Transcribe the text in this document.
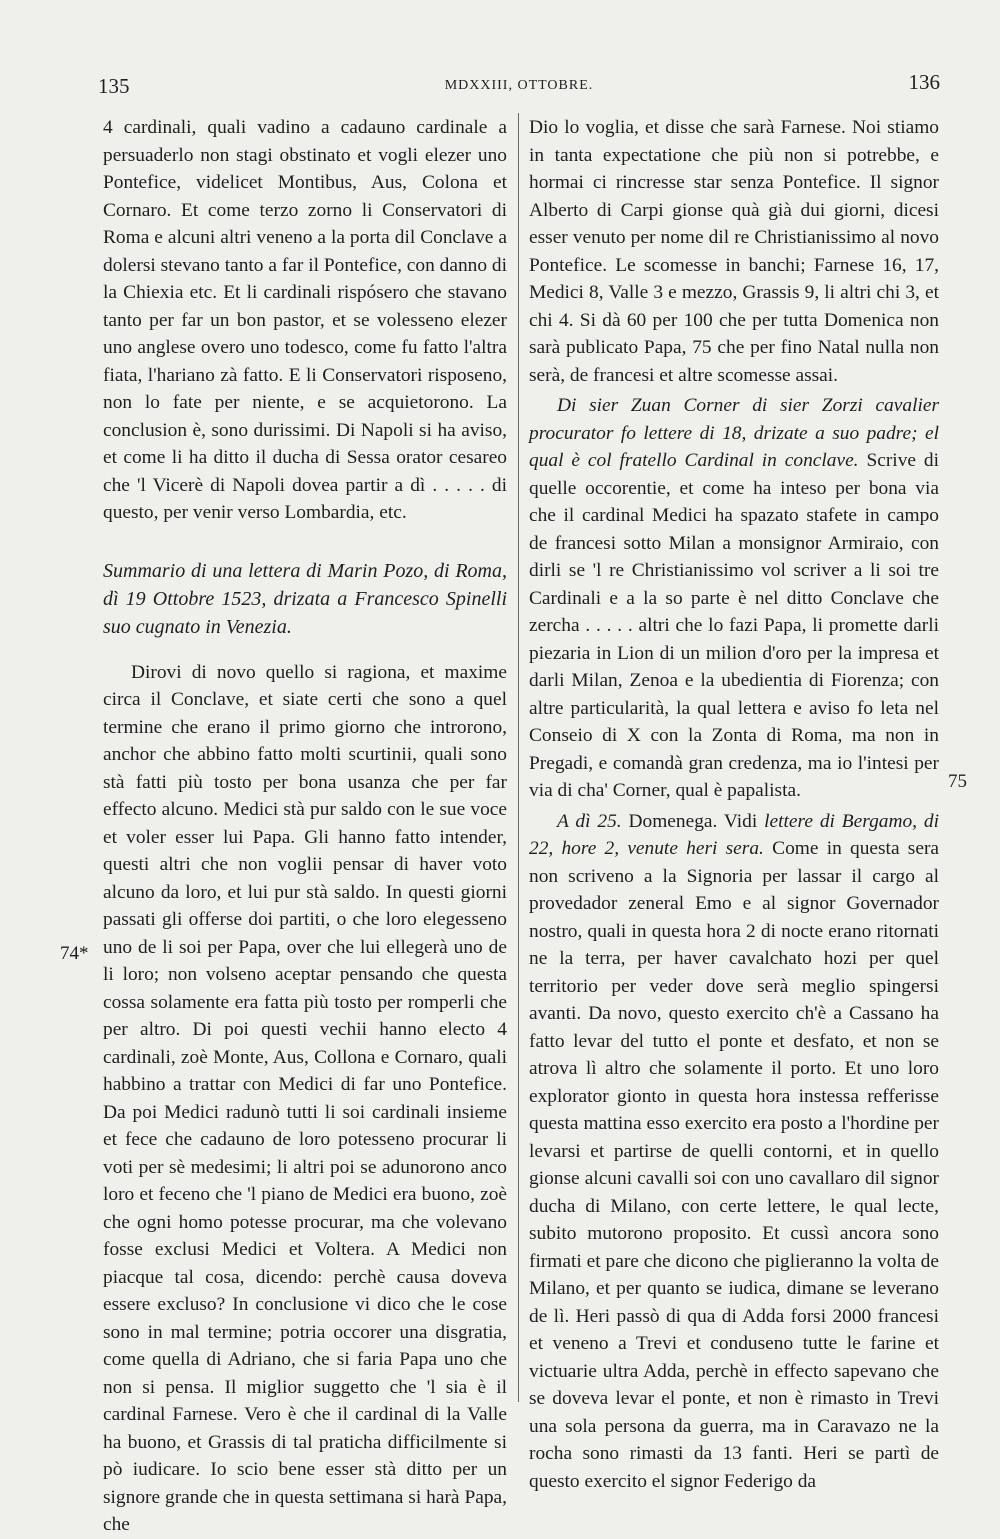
135	MDXXIII, OTTOBRE.	136

4 cardinali, quali vadino a cadauno cardinale a persuaderlo non stagi obstinato et vogli elezer uno Pontefice, videlicet Montibus, Aus, Colona et Cornaro. Et come terzo zorno li Conservatori di Roma e alcuni altri veneno a la porta dil Conclave a dolersi stevano tanto a far il Pontefice, con danno di la Chiexia etc. Et li cardinali rispósero che stavano tanto per far un bon pastor, et se volesseno elezer uno anglese overo uno todesco, come fu fatto l'altra fiata, l'hariano zà fatto. E li Conservatori risposeno, non lo fate per niente, e se acquietorono. La conclusion è, sono durissimi. Di Napoli si ha aviso, et come li ha ditto il ducha di Sessa orator cesareo che 'l Vicerè di Napoli dovea partir a dì . . . . . di questo, per venir verso Lombardia, etc.

Summario di una lettera di Marin Pozo, di Roma, dì 19 Ottobre 1523, drizata a Francesco Spinelli suo cugnato in Venezia.

Dirovi di novo quello si ragiona, et maxime circa il Conclave, et siate certi che sono a quel termine che erano il primo giorno che introrono, anchor che abbino fatto molti scurtinii, quali sono stà fatti più tosto per bona usanza che per far effecto alcuno. Medici stà pur saldo con le sue voce et voler esser lui Papa. Gli hanno fatto intender, questi altri che non voglii pensar di haver voto alcuno da loro, et lui pur stà saldo. In questi giorni passati gli offerse doi partiti, o che loro elegesseno uno de li soi per Papa, over che lui ellegerà uno de li loro; non volseno aceptar pensando che questa cossa solamente era fatta più tosto per romperli che per altro. Di poi questi vechii hanno electo 4 cardinali, zoè Monte, Aus, Collona e Cornaro, quali habbino a trattar con Medici di far uno Pontefice. Da poi Medici radunò tutti li soi cardinali insieme et fece che cadauno de loro potesseno procurar li voti per sè medesimi; li altri poi se adunorono anco loro et feceno che 'l piano de Medici era buono, zoè che ogni homo potesse procurar, ma che volevano fosse exclusi Medici et Voltera. A Medici non piacque tal cosa, dicendo: perchè causa doveva essere excluso? In conclusione vi dico che le cose sono in mal termine; potria occorer una disgratia, come quella di Adriano, che si faria Papa uno che non si pensa. Il miglior suggetto che 'l sia è il cardinal Farnese. Vero è che il cardinal di la Valle ha buono, et Grassis di tal praticha difficilmente si pò iudicare. Io scio bene esser stà ditto per un signore grande che in questa settimana si harà Papa, che

Dio lo voglia, et disse che sarà Farnese. Noi stiamo in tanta expectatione che più non si potrebbe, e hormai ci rincresse star senza Pontefice. Il signor Alberto di Carpi gionse quà già dui giorni, dicesi esser venuto per nome dil re Christianissimo al novo Pontefice. Le scomesse in banchi; Farnese 16, 17, Medici 8, Valle 3 e mezzo, Grassis 9, li altri chi 3, et chi 4. Si dà 60 per 100 che per tutta Domenica non sarà publicato Papa, 75 che per fino Natal nulla non serà, de francesi et altre scomesse assai.

Di sier Zuan Corner di sier Zorzi cavalier procurator fo lettere di 18, drizate a suo padre; el qual è col fratello Cardinal in conclave. Scrive di quelle occorentie, et come ha inteso per bona via che il cardinal Medici ha spazato stafete in campo de francesi sotto Milan a monsignor Armiraio, con dirli se 'l re Christianissimo vol scriver a li soi tre Cardinali e a la so parte è nel ditto Conclave che zercha . . . . . altri che lo fazi Papa, li promette darli piezaria in Lion di un milion d'oro per la impresa et darli Milan, Zenoa e la ubedientia di Fiorenza; con altre particularità, la qual lettera e aviso fo leta nel Conseio di X con la Zonta di Roma, ma non in Pregadi, e comandà gran credenza, ma io l'intesi per via di cha' Corner, qual è papalista.

A dì 25. Domenega. Vidi lettere di Bergamo, di 22, hore 2, venute heri sera. Come in questa sera non scriveno a la Signoria per lassar il cargo al provedador zeneral Emo e al signor Governador nostro, quali in questa hora 2 di nocte erano ritornati ne la terra, per haver cavalchato hozi per quel territorio per veder dove serà meglio spingersi avanti. Da novo, questo exercito ch'è a Cassano ha fatto levar del tutto el ponte et desfato, et non se atrova lì altro che solamente il porto. Et uno loro explorator gionto in questa hora instessa refferisse questa mattina esso exercito era posto a l'hordine per levarsi et partirse de quelli contorni, et in quello gionse alcuni cavalli soi con uno cavallaro dil signor ducha di Milano, con certe lettere, le qual lecte, subito mutorono proposito. Et cussì ancora sono firmati et pare che dicono che piglieranno la volta de Milano, et per quanto se iudica, dimane se leverano de lì. Heri passò di qua di Adda forsi 2000 francesi et veneno a Trevi et conduseno tutte le farine et victuarie ultra Adda, perchè in effecto sapevano che se doveva levar el ponte, et non è rimasto in Trevi una sola persona da guerra, ma in Caravazo ne la rocha sono rimasti da 13 fanti. Heri se partì de questo exercito el signor Federigo da

74*
75
